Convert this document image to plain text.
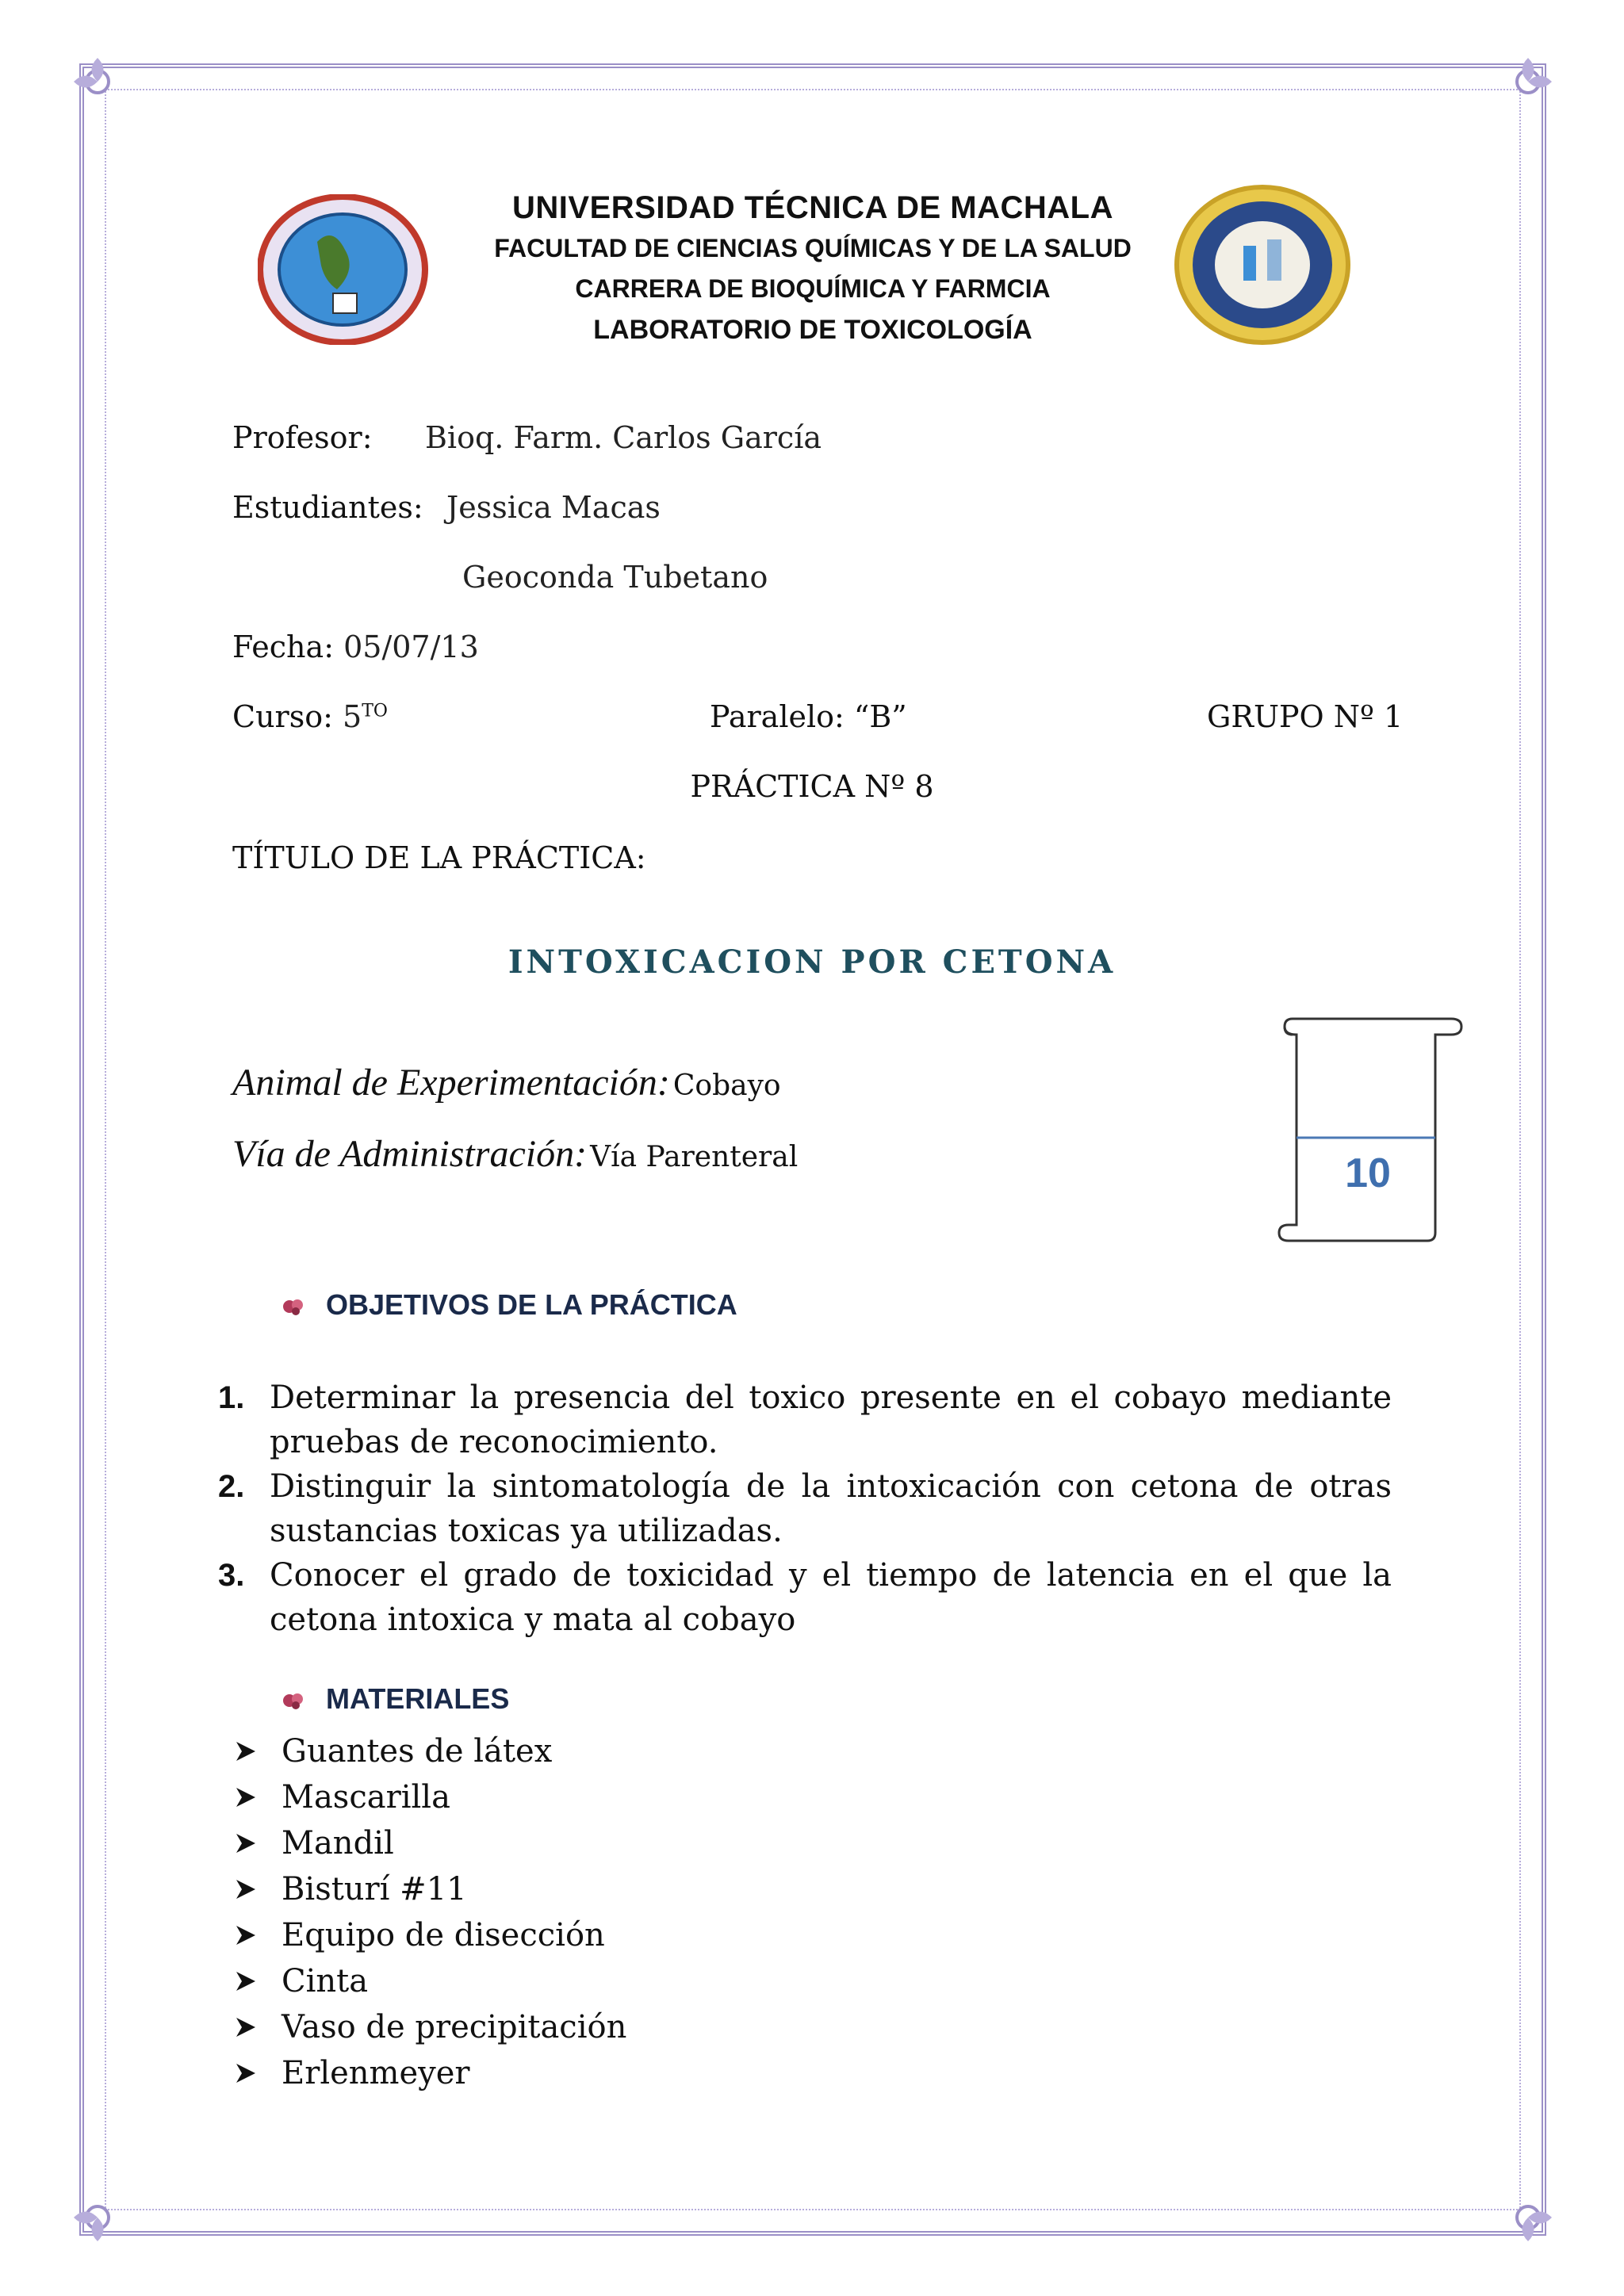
UNIVERSIDAD TÉCNICA DE MACHALA
FACULTAD DE CIENCIAS QUÍMICAS Y DE LA SALUD
CARRERA DE BIOQUÍMICA Y FARMCIA
LABORATORIO DE TOXICOLOGÍA
Profesor: Bioq. Farm. Carlos García
Estudiantes: Jessica Macas
Geoconda Tubetano
Fecha: 05/07/13
Curso: $5^{TO}$	Paralelo: “B”	GRUPO Nº 1
PRÁCTICA Nº 8
TÍTULO DE LA PRÁCTICA:
INTOXICACION POR CETONA
Animal de Experimentación: Cobayo
Vía de Administración: Vía Parenteral	10
OBJETIVOS DE LA PRÁCTICA
1. Determinar la presencia del toxico presente en el cobayo mediante pruebas de reconocimiento.
2. Distinguir la sintomatología de la intoxicación con cetona de otras sustancias toxicas ya utilizadas.
3. Conocer el grado de toxicidad y el tiempo de latencia en el que la cetona intoxica y mata al cobayo
MATERIALES
Guantes de látex
Mascarilla
Mandil
Bisturí #11
Equipo de disección
Cinta
Vaso de precipitación
Erlenmeyer
